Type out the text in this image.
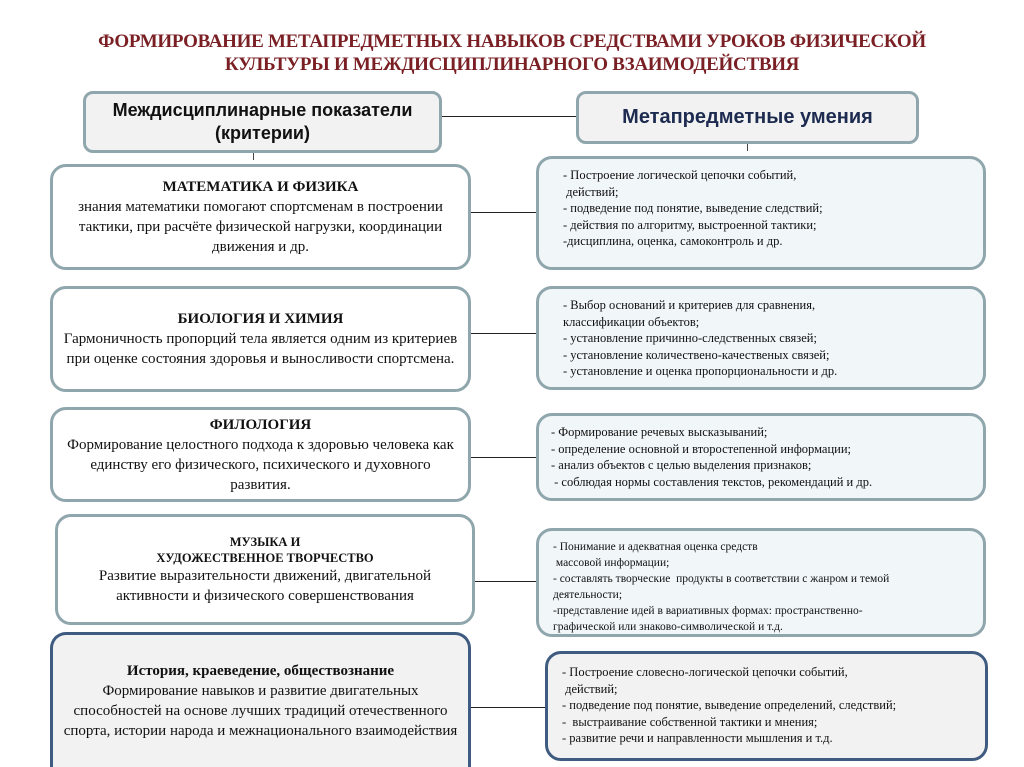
ФОРМИРОВАНИЕ МЕТАПРЕДМЕТНЫХ НАВЫКОВ СРЕДСТВАМИ УРОКОВ ФИЗИЧЕСКОЙ
КУЛЬТУРЫ И МЕЖДИСЦИПЛИНАРНОГО ВЗАИМОДЕЙСТВИЯ
Междисциплинарные показатели (критерии)
Метапредметные умения
МАТЕМАТИКА И ФИЗИКА
знания математики помогают спортсменам в построении тактики, при расчёте физической нагрузки, координации движения и др.
- Построение логической цепочки событий,
действий;
- подведение под понятие, выведение следствий;
- действия по алгоритму, выстроенной тактики;
-дисциплина, оценка, самоконтроль и др.
БИОЛОГИЯ И ХИМИЯ
Гармоничность пропорций тела является одним из критериев при оценке состояния здоровья и выносливости спортсмена.
- Выбор оснований и критериев для сравнения,
классификации объектов;
- установление причинно-следственных связей;
- установление количествено-качественых связей;
- установление и оценка пропорциональности и др.
ФИЛОЛОГИЯ
Формирование целостного подхода к здоровью человека как единству его физического, психического и духовного развития.
- Формирование речевых высказываний;
- определение основной и второстепенной информации;
- анализ объектов с целью выделения признаков;
- соблюдая нормы составления текстов, рекомендаций и др.
МУЗЫКА И
ХУДОЖЕСТВЕННОЕ ТВОРЧЕСТВО
Развитие выразительности движений, двигательной активности и физического совершенствования
- Понимание и адекватная оценка средств
массовой информации;
- составлять творческие  продукты в соответствии с жанром и темой
деятельности;
-представление идей в вариативных формах: пространственно-
графической или знаково-символической и т.д.
История, краеведение, обществознание
Формирование навыков и развитие двигательных способностей на основе лучших традиций отечественного спорта, истории народа и межнационального взаимодействия
- Построение словесно-логической цепочки событий,
действий;
- подведение под понятие, выведение определений, следствий;
-  выстраивание собственной тактики и мнения;
- развитие речи и направленности мышления и т.д.
